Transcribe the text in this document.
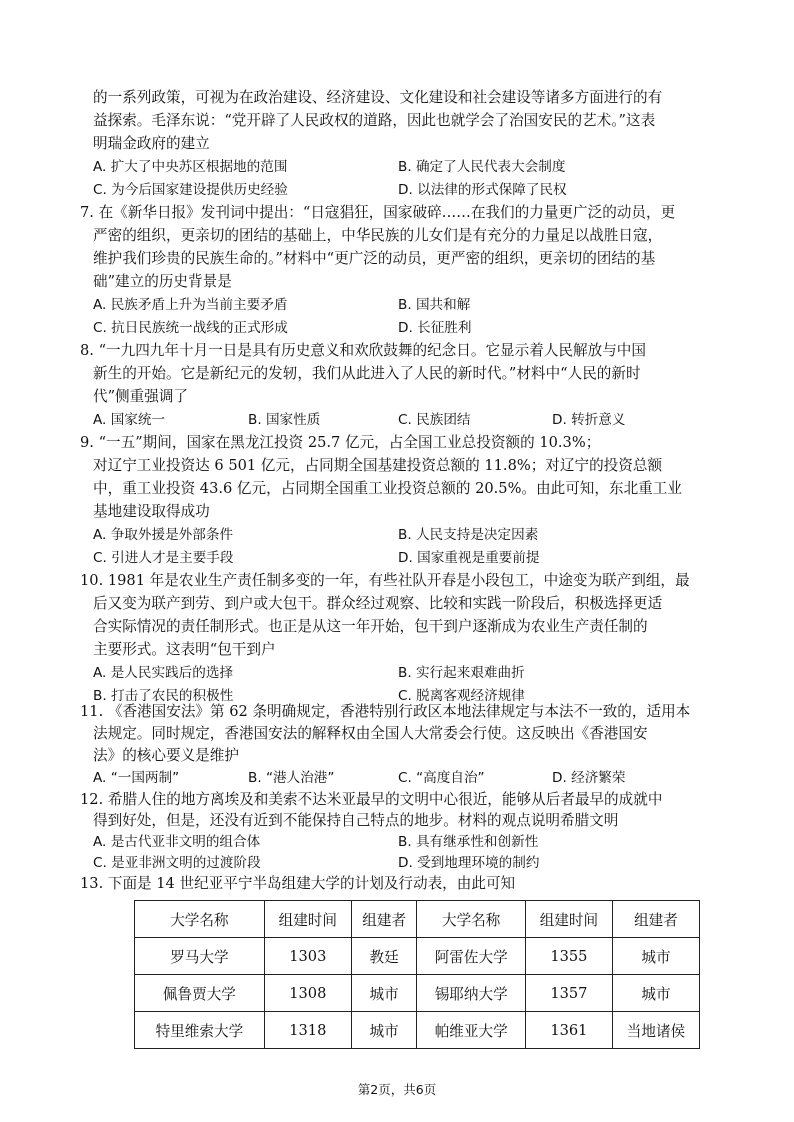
的一系列政策，可视为在政治建设、经济建设、文化建设和社会建设等诸多方面进行的有
益探索。毛泽东说：“党开辟了人民政权的道路，因此也就学会了治国安民的艺术。”这表
明瑞金政府的建立
A. 扩大了中央苏区根据地的范围	B. 确定了人民代表大会制度
C. 为今后国家建设提供历史经验	D. 以法律的形式保障了民权
7. 在《新华日报》发刊词中提出：“日寇猖狂，国家破碎……在我们的力量更广泛的动员，更
严密的组织，更亲切的团结的基础上，中华民族的儿女们是有充分的力量足以战胜日寇，
维护我们珍贵的民族生命的。”材料中“更广泛的动员，更严密的组织，更亲切的团结的基
础”建立的历史背景是
A. 民族矛盾上升为当前主要矛盾	B. 国共和解
C. 抗日民族统一战线的正式形成	D. 长征胜利
8. “一九四九年十月一日是具有历史意义和欢欣鼓舞的纪念日。它显示着人民解放与中国
新生的开始。它是新纪元的发轫，我们从此进入了人民的新时代。”材料中“人民的新时
代”侧重强调了
A. 国家统一	B. 国家性质	C. 民族团结	D. 转折意义
9. “一五”期间，国家在黑龙江投资 25.7 亿元，占全国工业总投资额的 10.3%；
对辽宁工业投资达 6 501 亿元，占同期全国基建投资总额的 11.8%；对辽宁的投资总额
中，重工业投资 43.6 亿元，占同期全国重工业投资总额的 20.5%。由此可知，东北重工业
基地建设取得成功
A. 争取外援是外部条件	B. 人民支持是决定因素
C. 引进人才是主要手段	D. 国家重视是重要前提
10. 1981 年是农业生产责任制多变的一年，有些社队开春是小段包工，中途变为联产到组，最
后又变为联产到劳、到户或大包干。群众经过观察、比较和实践一阶段后，积极选择更适
合实际情况的责任制形式。也正是从这一年开始，包干到户逐渐成为农业生产责任制的
主要形式。这表明“包干到户
A. 是人民实践后的选择	B. 实行起来艰难曲折
B. 打击了农民的积极性	C. 脱离客观经济规律
11. 《香港国安法》第 62 条明确规定，香港特别行政区本地法律规定与本法不一致的，适用本
法规定。同时规定，香港国安法的解释权由全国人大常委会行使。这反映出《香港国安
法》的核心要义是维护
A. “一国两制”	B. “港人治港”	C. “高度自治”	D. 经济繁荣
12. 希腊人住的地方离埃及和美索不达米亚最早的文明中心很近，能够从后者最早的成就中
得到好处，但是，还没有近到不能保持自己特点的地步。材料的观点说明希腊文明
A. 是古代亚非文明的组合体	B. 具有继承性和创新性
C. 是亚非洲文明的过渡阶段	D. 受到地理环境的制约
大学名称	组建时间	组建者	大学名称	组建时间	组建者
罗马大学	1303	教廷	阿雷佐大学	1355	城市
佩鲁贾大学	1308	城市	锡耶纳大学	1357	城市
特里维索大学	1318	城市	帕维亚大学	1361	当地诸侯
第2页，共6页
13. 下面是 14 世纪亚平宁半岛组建大学的计划及行动表，由此可知
